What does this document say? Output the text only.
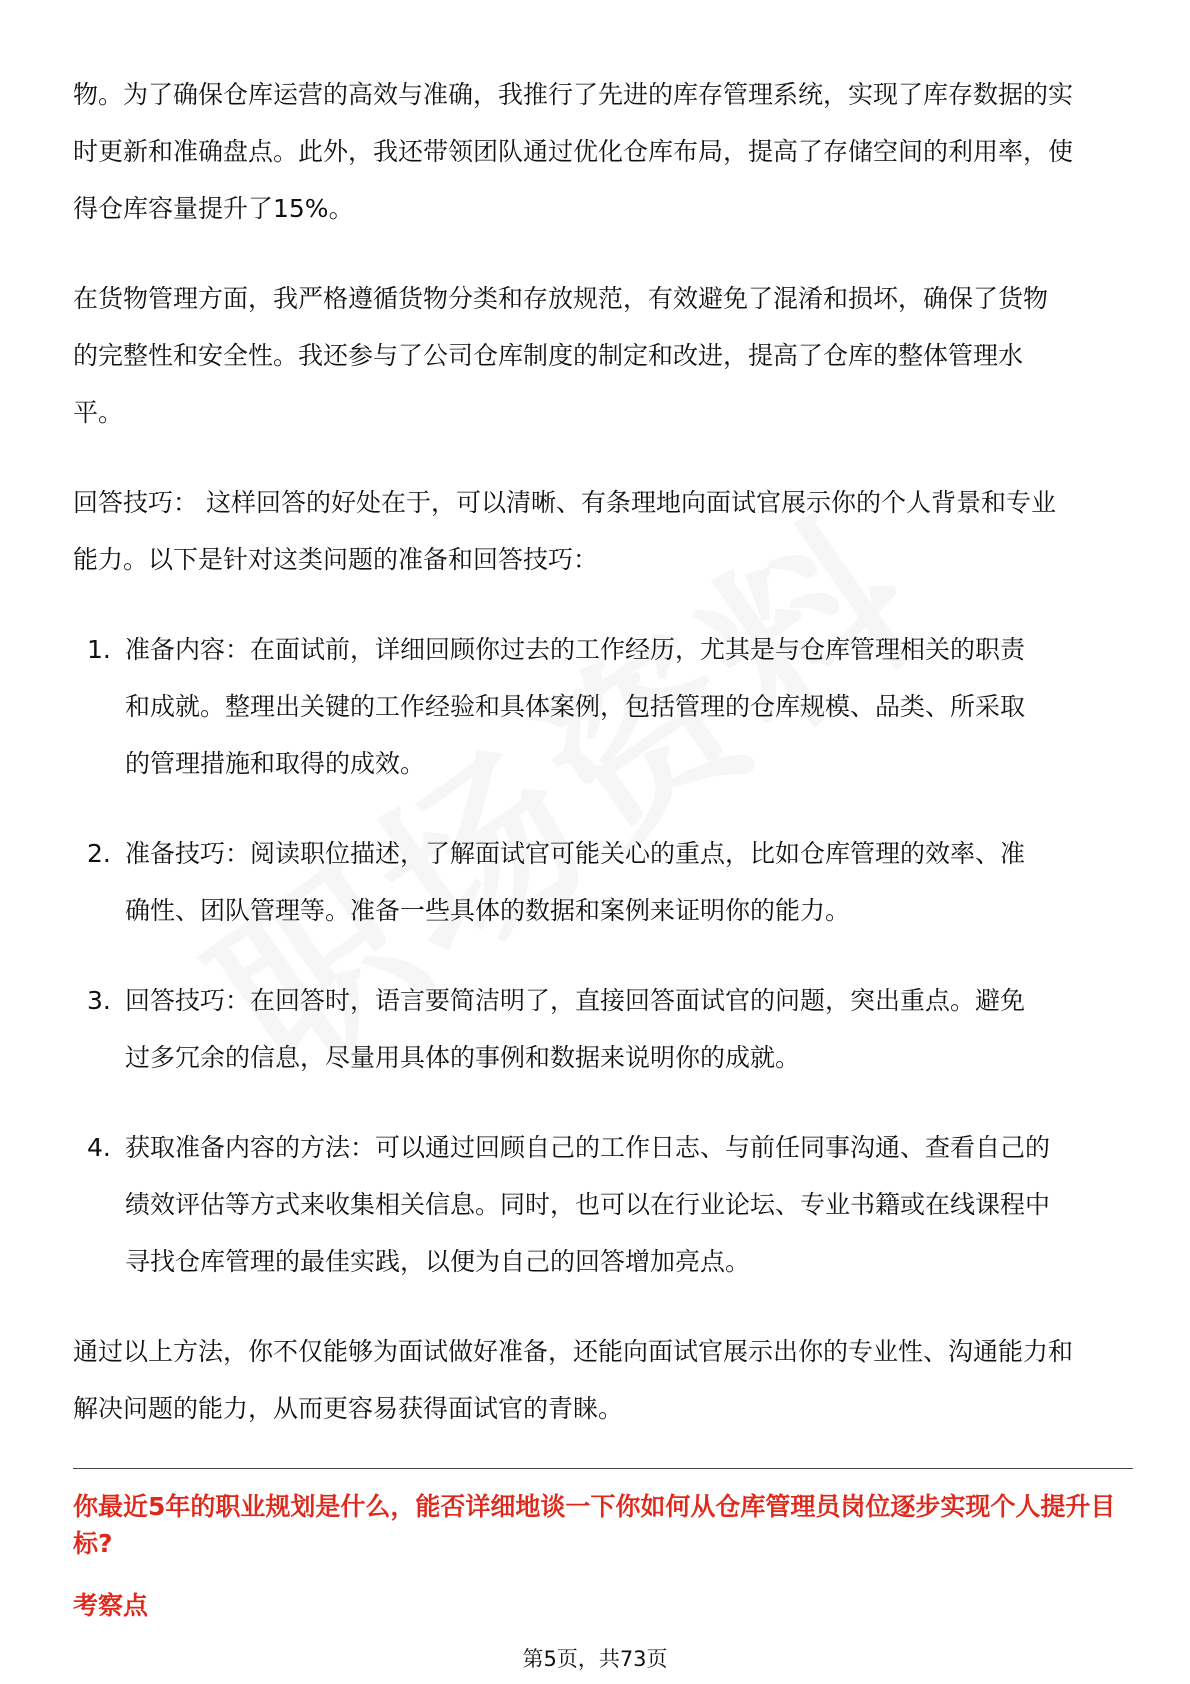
物。为了确保仓库运营的高效与准确，我推行了先进的库存管理系统，实现了库存数据的实时更新和准确盘点。此外，我还带领团队通过优化仓库布局，提高了存储空间的利用率，使得仓库容量提升了15%。

在货物管理方面，我严格遵循货物分类和存放规范，有效避免了混淆和损坏，确保了货物的完整性和安全性。我还参与了公司仓库制度的制定和改进，提高了仓库的整体管理水平。

回答技巧： 这样回答的好处在于，可以清晰、有条理地向面试官展示你的个人背景和专业能力。以下是针对这类问题的准备和回答技巧：

1. 准备内容：在面试前，详细回顾你过去的工作经历，尤其是与仓库管理相关的职责和成就。整理出关键的工作经验和具体案例，包括管理的仓库规模、品类、所采取的管理措施和取得的成效。
2. 准备技巧：阅读职位描述，了解面试官可能关心的重点，比如仓库管理的效率、准确性、团队管理等。准备一些具体的数据和案例来证明你的能力。
3. 回答技巧：在回答时，语言要简洁明了，直接回答面试官的问题，突出重点。避免过多冗余的信息，尽量用具体的事例和数据来说明你的成就。
4. 获取准备内容的方法：可以通过回顾自己的工作日志、与前任同事沟通、查看自己的绩效评估等方式来收集相关信息。同时，也可以在行业论坛、专业书籍或在线课程中寻找仓库管理的最佳实践，以便为自己的回答增加亮点。

通过以上方法，你不仅能够为面试做好准备，还能向面试官展示出你的专业性、沟通能力和解决问题的能力，从而更容易获得面试官的青睐。

你最近5年的职业规划是什么，能否详细地谈一下你如何从仓库管理员岗位逐步实现个人提升目标?
考察点
第5页，共73页
